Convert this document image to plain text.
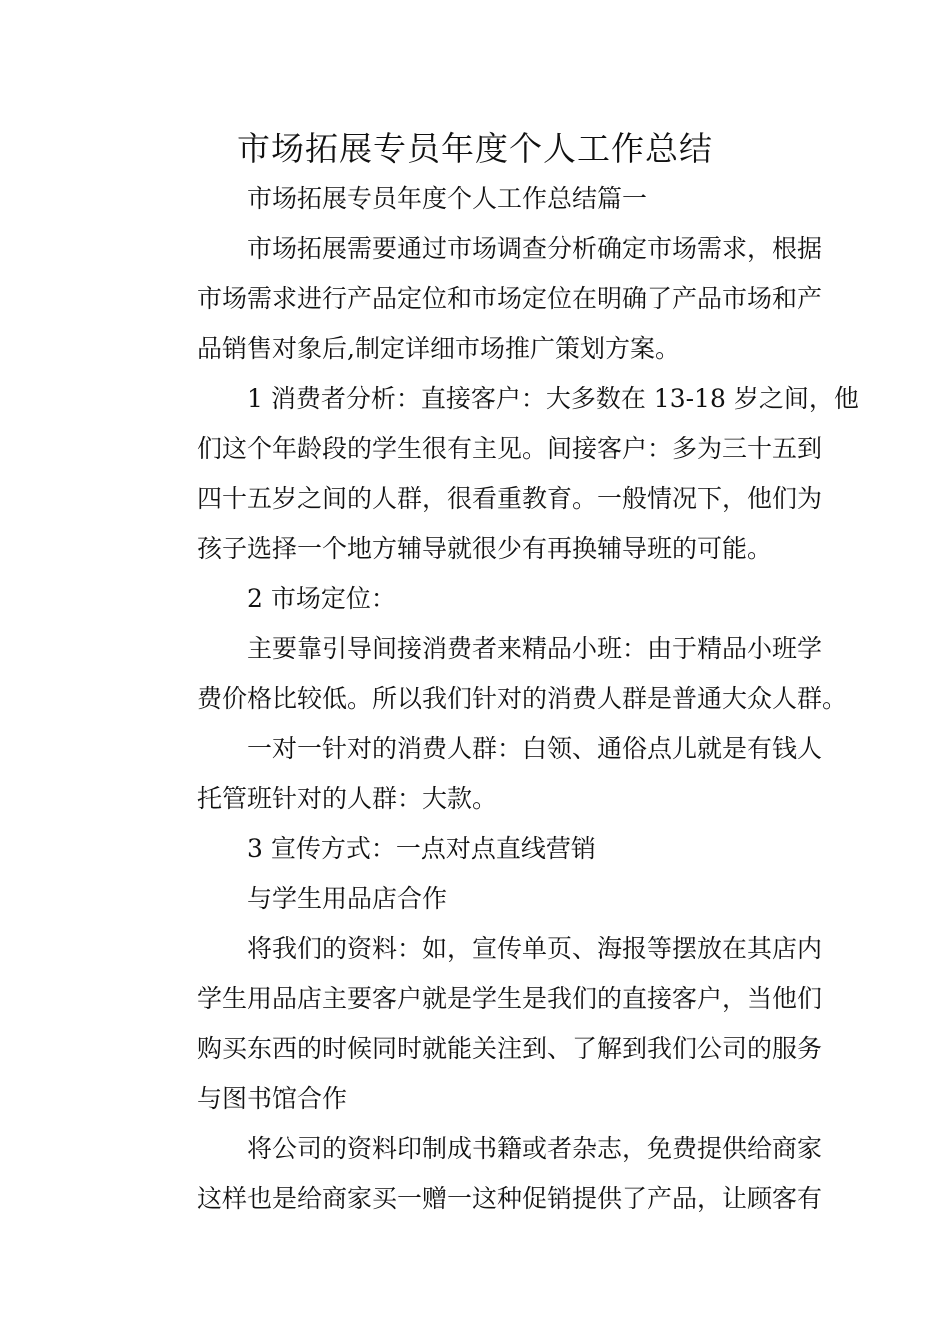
市场拓展专员年度个人工作总结

市场拓展专员年度个人工作总结篇一

市场拓展需要通过市场调查分析确定市场需求，根据
市场需求进行产品定位和市场定位在明确了产品市场和产
品销售对象后,制定详细市场推广策划方案。

1 消费者分析：直接客户：大多数在 13-18 岁之间，他
们这个年龄段的学生很有主见。间接客户：多为三十五到
四十五岁之间的人群，很看重教育。一般情况下，他们为
孩子选择一个地方辅导就很少有再换辅导班的可能。

2 市场定位：

主要靠引导间接消费者来精品小班：由于精品小班学
费价格比较低。所以我们针对的消费人群是普通大众人群。

一对一针对的消费人群：白领、通俗点儿就是有钱人
托管班针对的人群：大款。

3 宣传方式：一点对点直线营销

与学生用品店合作

将我们的资料：如，宣传单页、海报等摆放在其店内
学生用品店主要客户就是学生是我们的直接客户，当他们
购买东西的时候同时就能关注到、了解到我们公司的服务
与图书馆合作

将公司的资料印制成书籍或者杂志，免费提供给商家
这样也是给商家买一赠一这种促销提供了产品，让顾客有
